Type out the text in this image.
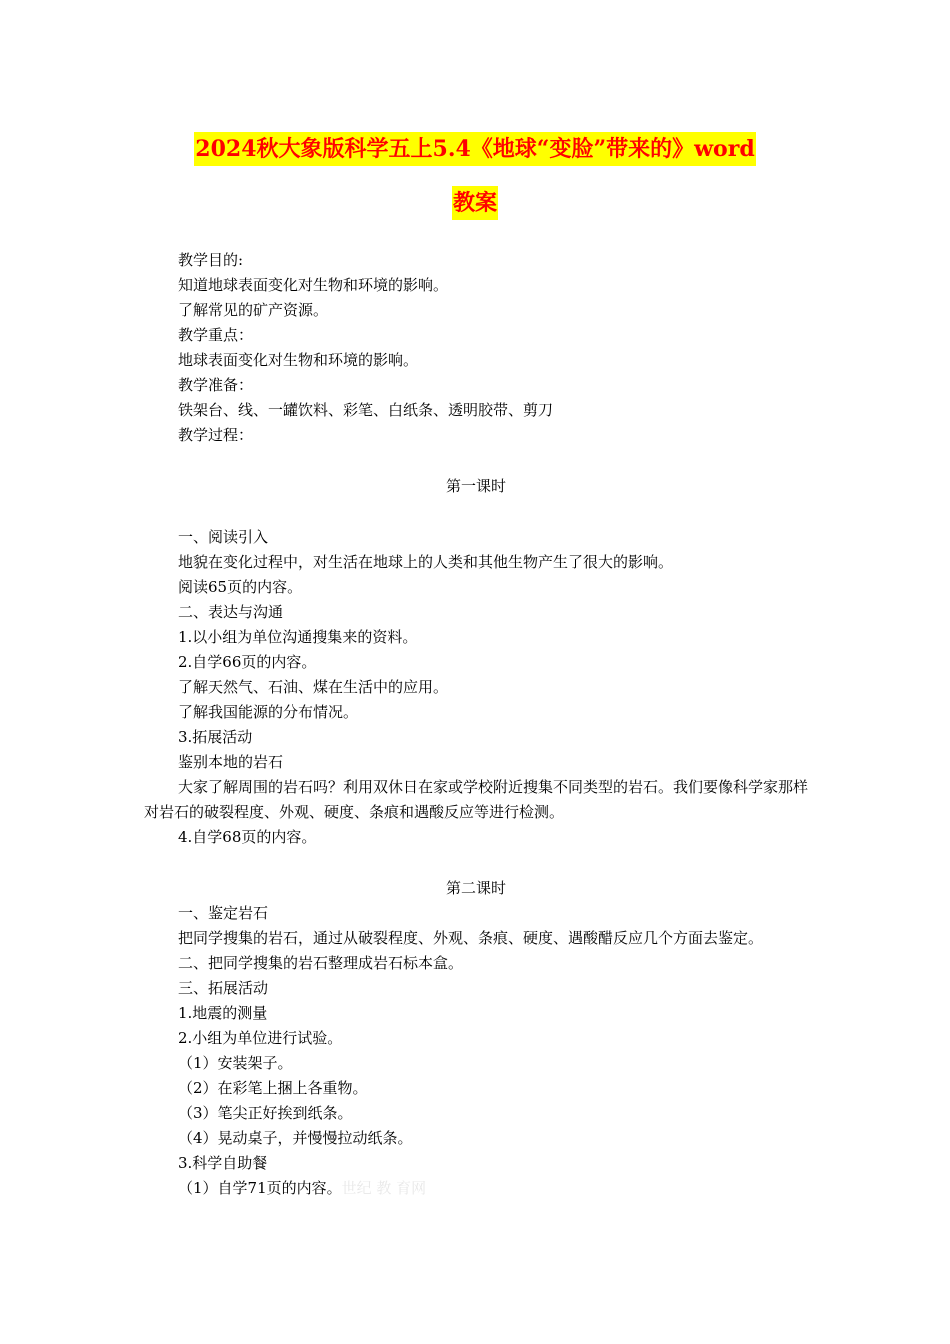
2024秋大象版科学五上5.4《地球“变脸”带来的》word
教案

教学目的:

知道地球表面变化对生物和环境的影响。

了解常见的矿产资源。

教学重点：

地球表面变化对生物和环境的影响。

教学准备：

铁架台、线、一罐饮料、彩笔、白纸条、透明胶带、剪刀

教学过程：

第一课时

一、阅读引入

地貌在变化过程中，对生活在地球上的人类和其他生物产生了很大的影响。

阅读65页的内容。

二、表达与沟通

1.以小组为单位沟通搜集来的资料。

2.自学66页的内容。

了解天然气、石油、煤在生活中的应用。

了解我国能源的分布情况。

3.拓展活动

鉴别本地的岩石

大家了解周围的岩石吗？利用双休日在家或学校附近搜集不同类型的岩石。我们要像科学家那样对岩石的破裂程度、外观、硬度、条痕和遇酸反应等进行检测。

4.自学68页的内容。

第二课时

一、鉴定岩石

把同学搜集的岩石，通过从破裂程度、外观、条痕、硬度、遇酸醋反应几个方面去鉴定。

二、把同学搜集的岩石整理成岩石标本盒。

三、拓展活动

1.地震的测量

2.小组为单位进行试验。

（1）安装架子。

（2）在彩笔上捆上各重物。

（3）笔尖正好挨到纸条。

（4）晃动桌子，并慢慢拉动纸条。

3.科学自助餐

（1）自学71页的内容。世纪 教 育网
